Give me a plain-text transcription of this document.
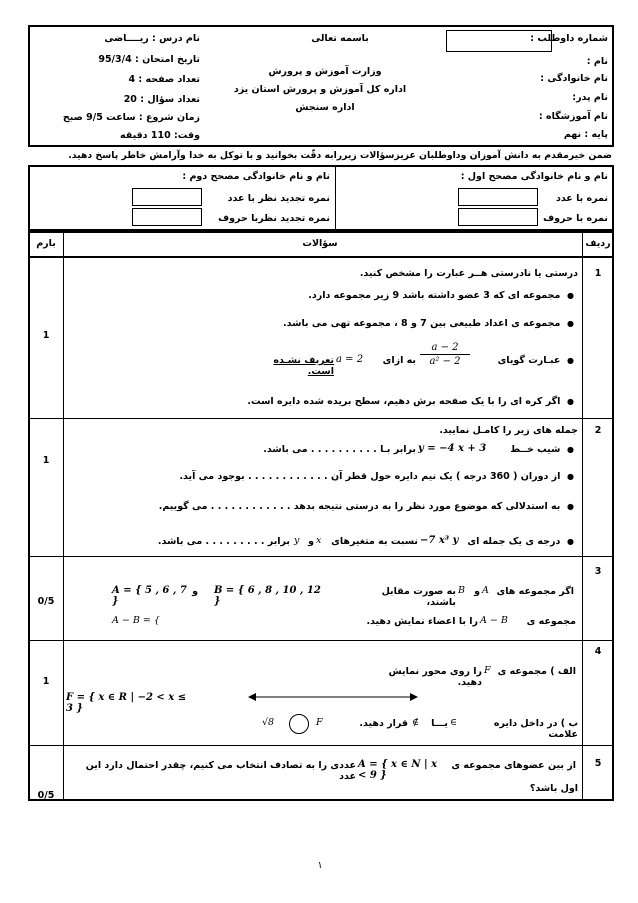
شماره داوطلب :
نام :
نام خانوادگی :
نام پدر:
نام آموزشگاه :
پایه : نهم
باسمه تعالی
وزارت آموزش و پرورش
اداره کل آموزش و پرورش استان یزد
اداره سنجش
نام درس : ریــــاضی
تاریخ امتحان : 95/3/4
تعداد صفحه : 4
تعداد سؤال : 20
زمان شروع : ساعت 9/5 صبح
وقت: 110 دقیقه
ضمن خیرمقدم به دانش آموزان وداوطلبان عزیزسؤالات زیررابه دقّت بخوانید و با توکل به خدا وآرامش خاطر پاسخ دهید.
نام و نام خانوادگی مصحح اول :
نمره با عدد
نمره با حروف
نام و نام خانوادگی مصحح دوم :
نمره تجدید نظر با عدد
نمره تجدید نظربا حروف
ردیف
سؤالات
بارم
1
1
درستی یا نادرستی هــر عبارت را مشخص کنید.
●  مجموعه ای که 3 عضو داشته باشد 9 زیر مجموعه دارد.
●  مجموعه ی اعداد طبیعی بین 7 و 8 ، مجموعه تهی می باشد.
●  عبـارت گویای
$\frac{a - 2}{\text{a² − 2}}$
به ازای
a = 2
تعریف نشـده است.
●  اگر کره ای را با یک صفحه برش دهیم، سطح بریده شده دایره است.
2
1
جمله های زیر را کامـل نمایید.
●  شیب خــط
y = −4 x + 3
برابر بـا . . . . . . . . . . می باشد.
●  از دوران ( 360 درجه ) یک نیم دایره حول قطر آن . . . . . . . . . . . . بوجود می آید.
●  به استدلالی که موضوع مورد نظر را به درستی نتیجه بدهد . . . . . . . . . . . . می گوییم.
●  درجه ی یک جمله ای
−7 x³ y
نسبت به متغیرهای
x
و
y
برابر . . . . . . . . . می باشد.
3
0/5
اگر مجموعه های
A
و
B
به صورت مقابل باشند،
B = { 6 , 8 , 10 , 12 }
و
A = { 5 , 6 , 7 }
مجموعه ی
A − B
را با اعضاء نمایش دهید.
A − B = {
4
1
الف ) مجموعه ی
F
را روی محور نمایش دهید.
F = { x ∈ R | −2 < x ≤ 3 }
ب ) در داخل دایره علامت
∈
یـــا
∉
قرار دهید.
F
√8
5
0/5
از بین عضوهای مجموعه ی
A = { x ∈ N | x < 9 }
عددی را به تصادف انتخاب می کنیم، چقدر احتمال دارد این عدد
اول باشد؟
١
